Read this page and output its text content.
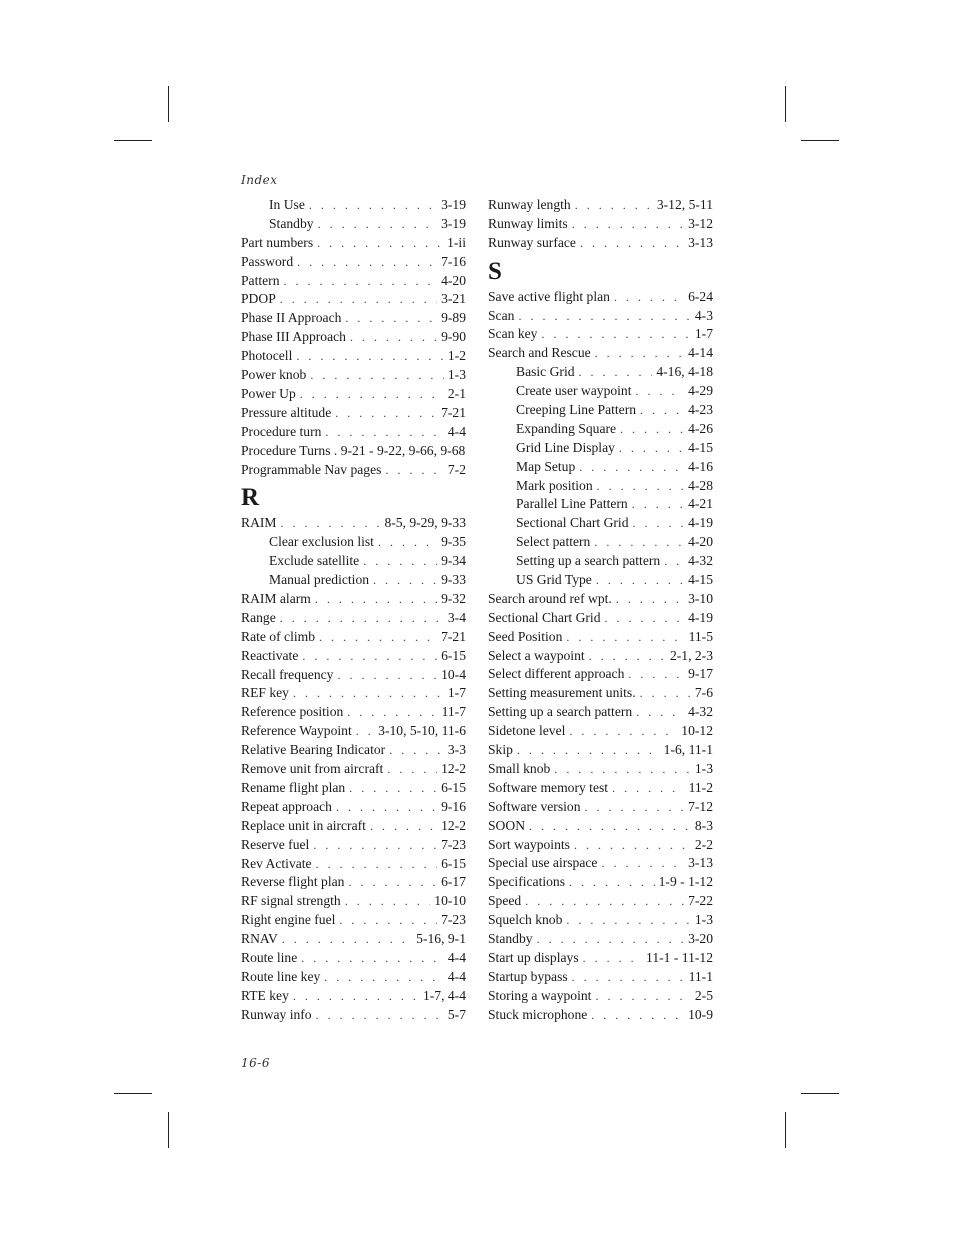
Index
In Use . . .	3-19
Standby . . .	3-19
Part numbers . . .	1-ii
Password . . .	7-16
Pattern . . .	4-20
PDOP . . .	3-21
Phase II Approach . . .	9-89
Phase III Approach . . .	9-90
Photocell . . .	1-2
Power knob . . .	1-3
Power Up . . .	2-1
Pressure altitude . . .	7-21
Procedure turn . . .	4-4
Procedure Turns . 9-21 - 9-22, 9-66, 9-68
Programmable Nav pages . . .	7-2
R
RAIM . . .	8-5, 9-29, 9-33
Clear exclusion list . . .	9-35
Exclude satellite . . .	9-34
Manual prediction . . .	9-33
RAIM alarm . . .	9-32
Range . . .	3-4
Rate of climb . . .	7-21
Reactivate . . .	6-15
Recall frequency . . .	10-4
REF key . . .	1-7
Reference position . . .	11-7
Reference Waypoint . . . 3-10, 5-10, 11-6
Relative Bearing Indicator . . .	3-3
Remove unit from aircraft . . .	12-2
Rename flight plan . . .	6-15
Repeat approach . . .	9-16
Replace unit in aircraft . . .	12-2
Reserve fuel . . .	7-23
Rev Activate . . .	6-15
Reverse flight plan . . .	6-17
RF signal strength . . .	10-10
Right engine fuel . . .	7-23
RNAV . . .	5-16, 9-1
Route line . . .	4-4
Route line key . . .	4-4
RTE key . . .	1-7, 4-4
Runway info . . .	5-7
Runway length . . .	3-12, 5-11
Runway limits . . .	3-12
Runway surface . . .	3-13
S
Save active flight plan . . .	6-24
Scan . . .	4-3
Scan key . . .	1-7
Search and Rescue . . .	4-14
Basic Grid . . .	4-16, 4-18
Create user waypoint . . .	4-29
Creeping Line Pattern . . .	4-23
Expanding Square . . .	4-26
Grid Line Display . . .	4-15
Map Setup . . .	4-16
Mark position . . .	4-28
Parallel Line Pattern . . .	4-21
Sectional Chart Grid . . .	4-19
Select pattern . . .	4-20
Setting up a search pattern . . . 4-32
US Grid Type . . .	4-15
Search around ref wpt. . . .	3-10
Sectional Chart Grid . . .	4-19
Seed Position . . .	11-5
Select a waypoint . . .	2-1, 2-3
Select different approach . . .	9-17
Setting measurement units. . . .	7-6
Setting up a search pattern . . .	4-32
Sidetone level . . .	10-12
Skip . . .	1-6, 11-1
Small knob . . .	1-3
Software memory test . . .	11-2
Software version . . .	7-12
SOON . . .	8-3
Sort waypoints . . .	2-2
Special use airspace . . .	3-13
Specifications . . .	1-9 - 1-12
Speed . . .	7-22
Squelch knob . . .	1-3
Standby . . .	3-20
Start up displays . . .	11-1 - 11-12
Startup bypass . . .	11-1
Storing a waypoint . . .	2-5
Stuck microphone . . .	10-9
16-6
